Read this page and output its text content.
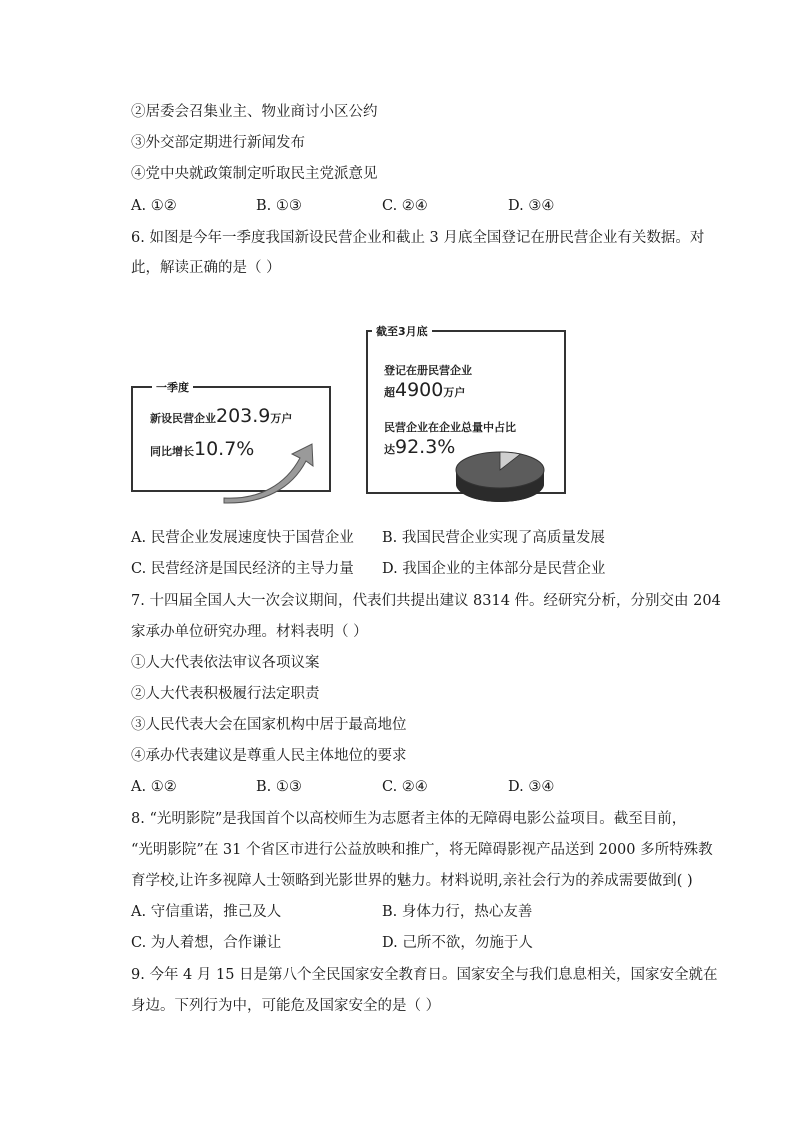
②居委会召集业主、物业商讨小区公约
③外交部定期进行新闻发布
④党中央就政策制定听取民主党派意见
A. ①②	B. ①③	C. ②④	D. ③④
6. 如图是今年一季度我国新设民营企业和截止 3 月底全国登记在册民营企业有关数据。对
此，解读正确的是（ ）
一季度
新设民营企业203.9万户
同比增长10.7%
截至3月底
登记在册民营企业
超4900万户
民营企业在企业总量中占比
达92.3%
A. 民营企业发展速度快于国营企业 B. 我国民营企业实现了高质量发展
C. 民营经济是国民经济的主导力量 D. 我国企业的主体部分是民营企业
7. 十四届全国人大一次会议期间，代表们共提出建议 8314 件。经研究分析，分别交由 204
家承办单位研究办理。材料表明（ ）
①人大代表依法审议各项议案
②人大代表积极履行法定职责
③人民代表大会在国家机构中居于最高地位
④承办代表建议是尊重人民主体地位的要求
A. ①②	B. ①③	C. ②④	D. ③④
8. “光明影院”是我国首个以高校师生为志愿者主体的无障碍电影公益项目。截至目前，
“光明影院”在 31 个省区市进行公益放映和推广，将无障碍影视产品送到 2000 多所特殊教
育学校,让许多视障人士领略到光影世界的魅力。材料说明,亲社会行为的养成需要做到( )
A. 守信重诺，推己及人	B. 身体力行，热心友善
C. 为人着想，合作谦让	D. 己所不欲，勿施于人
9. 今年 4 月 15 日是第八个全民国家安全教育日。国家安全与我们息息相关，国家安全就在
身边。下列行为中，可能危及国家安全的是（ ）
